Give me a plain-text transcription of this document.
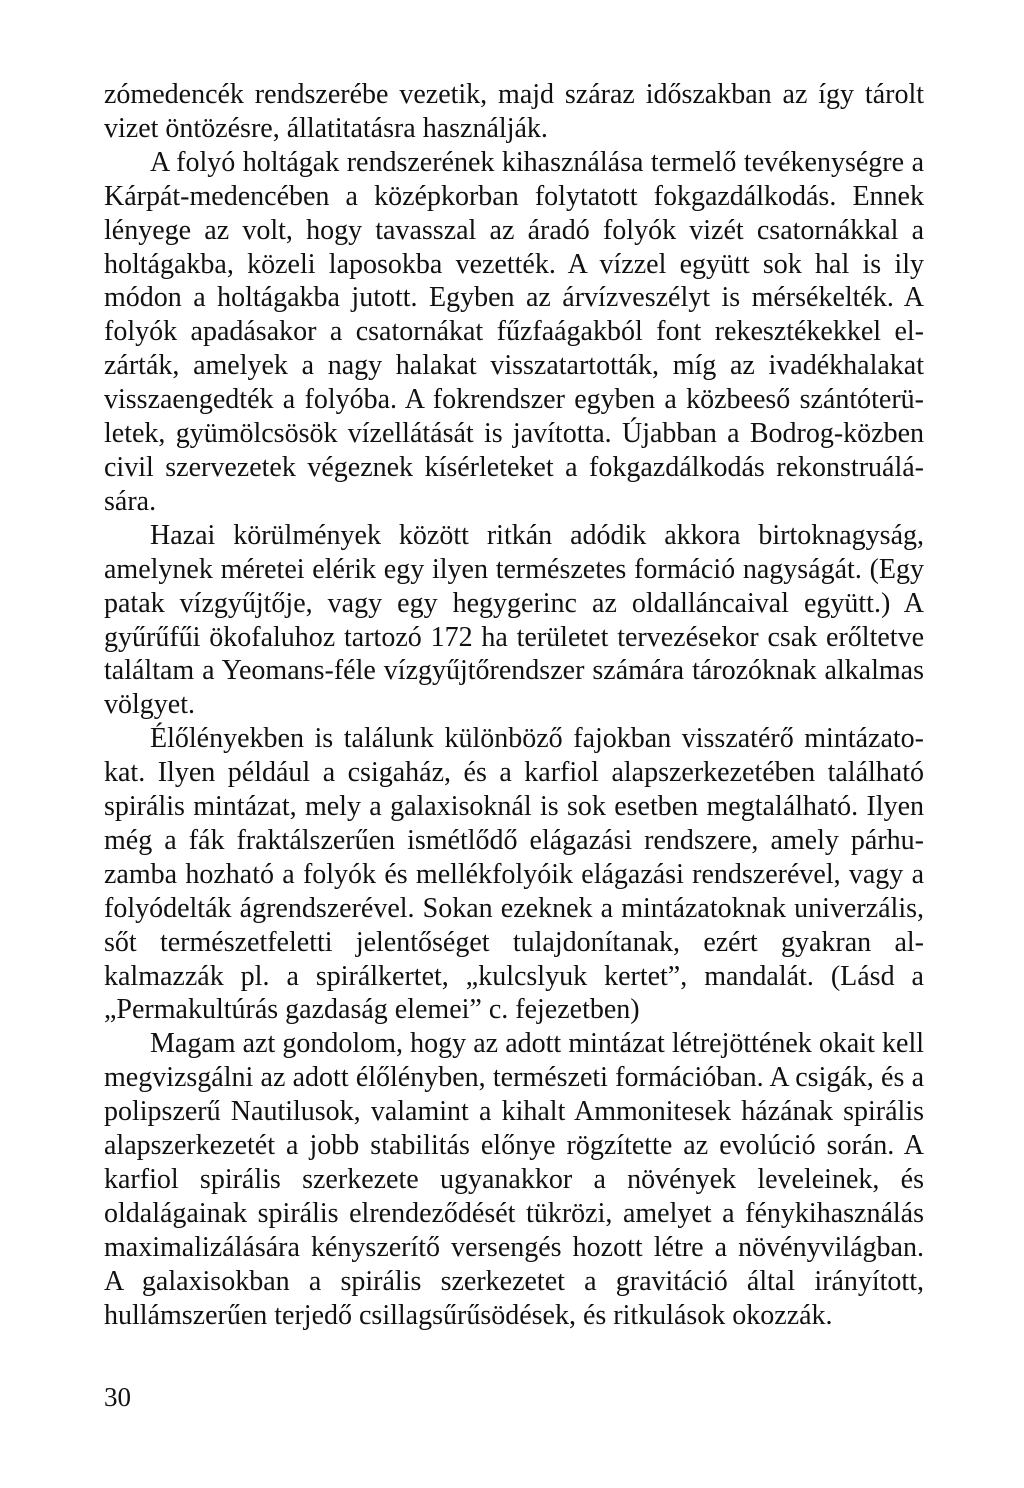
zómedencék rendszerébe vezetik, majd száraz időszakban az így tárolt vizet öntözésre, állatitatásra használják.

A folyó holtágak rendszerének kihasználása termelő tevékenységre a Kárpát-medencében a középkorban folytatott fokgazdálkodás. Ennek lényege az volt, hogy tavasszal az áradó folyók vizét csatornákkal a holtágakba, közeli laposokba vezették. A vízzel együtt sok hal is ily módon a holtágakba jutott. Egyben az árvízveszélyt is mérsékelték. A folyók apadásakor a csatornákat fűzfaágakból font rekesztékekkel elzárták, amelyek a nagy halakat visszatartották, míg az ivadékhalakat visszaengedték a folyóba. A fokrendszer egyben a közbeeső szántóterületek, gyümölcsösök vízellátását is javította. Újabban a Bodrog-közben civil szervezetek végeznek kísérleteket a fokgazdálkodás rekonstruálására.

Hazai körülmények között ritkán adódik akkora birtoknagyság, amelynek méretei elérik egy ilyen természetes formáció nagyságát. (Egy patak vízgyűjtője, vagy egy hegygerinc az oldalláncaival együtt.) A gyűrűfűi ökofaluhoz tartozó 172 ha területet tervezésekor csak erőltetve találtam a Yeomans-féle vízgyűjtőrendszer számára tározóknak alkalmas völgyet.

Élőlényekben is találunk különböző fajokban visszatérő mintázatokat. Ilyen például a csigaház, és a karfiol alapszerkezetében található spirális mintázat, mely a galaxisoknál is sok esetben megtalálható. Ilyen még a fák fraktálszerűen ismétlődő elágazási rendszere, amely párhuzamba hozható a folyók és mellékfolyóik elágazási rendszerével, vagy a folyódelták ágrendszerével. Sokan ezeknek a mintázatoknak univerzális, sőt természetfeletti jelentőséget tulajdonítanak, ezért gyakran alkalmazzák pl. a spirálkertet, „kulcslyuk kertet”, mandalát. (Lásd a „Permakultúrás gazdaság elemei” c. fejezetben)

Magam azt gondolom, hogy az adott mintázat létrejöttének okait kell megvizsgálni az adott élőlényben, természeti formációban. A csigák, és a polipszerű Nautilusok, valamint a kihalt Ammonitesek házának spirális alapszerkezetét a jobb stabilitás előnye rögzítette az evolúció során. A karfiol spirális szerkezete ugyanakkor a növények leveleinek, és oldalágainak spirális elrendeződését tükrözi, amelyet a fénykihasználás maximalizálására kényszerítő versengés hozott létre a növényvilágban. A galaxisokban a spirális szerkezetet a gravitáció által irányított, hullámszerűen terjedő csillagsűrűsödések, és ritkulások okozzák.

30
